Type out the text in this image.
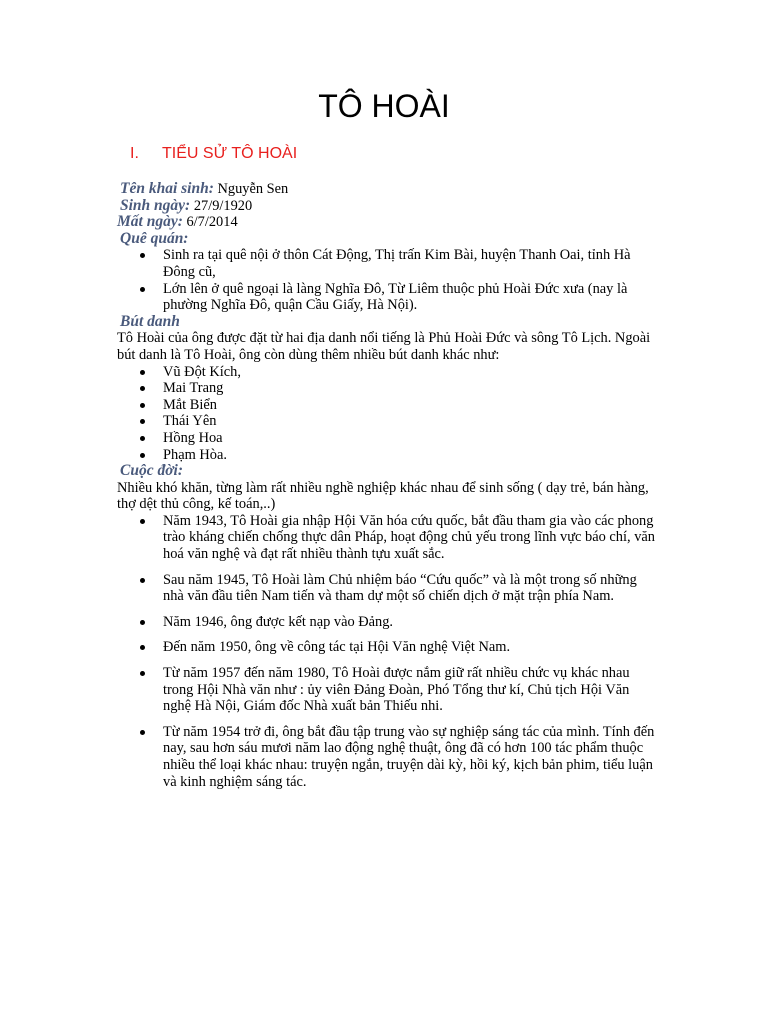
TÔ HOÀI
I. TIỂU SỬ TÔ HOÀI

Tên khai sinh: Nguyễn Sen

Sinh ngày: 27/9/1920

Mất ngày: 6/7/2014

Quê quán:

Sinh ra tại quê nội ở thôn Cát Động, Thị trấn Kim Bài, huyện Thanh Oai, tỉnh Hà Đông cũ,
Lớn lên ở quê ngoại là làng Nghĩa Đô, Từ Liêm thuộc phủ Hoài Đức xưa (nay là phường Nghĩa Đô, quận Cầu Giấy, Hà Nội).

Bút danh

Tô Hoài của ông được đặt từ hai địa danh nổi tiếng là Phủ Hoài Đức và sông Tô Lịch. Ngoài bút danh là Tô Hoài, ông còn dùng thêm nhiều bút danh khác như:

Vũ Đột Kích,
Mai Trang
Mắt Biển
Thái Yên
Hồng Hoa
Phạm Hòa.

Cuộc đời:

Nhiều khó khăn, từng làm rất nhiều nghề nghiệp khác nhau để sinh sống ( dạy trẻ, bán hàng, thợ dệt thủ công, kế toán,..)

Năm 1943, Tô Hoài gia nhập Hội Văn hóa cứu quốc, bắt đầu tham gia vào các phong trào kháng chiến chống thực dân Pháp, hoạt động chủ yếu trong lĩnh vực báo chí, văn hoá văn nghệ và đạt rất nhiều thành tựu xuất sắc.
Sau năm 1945, Tô Hoài làm Chủ nhiệm báo “Cứu quốc” và là một trong số những nhà văn đầu tiên Nam tiến và tham dự một số chiến dịch ở mặt trận phía Nam.
Năm 1946, ông được kết nạp vào Đảng.
Đến năm 1950, ông về công tác tại Hội Văn nghệ Việt Nam.
Từ năm 1957 đến năm 1980, Tô Hoài được nắm giữ rất nhiều chức vụ khác nhau trong Hội Nhà văn như : ủy viên Đảng Đoàn, Phó Tổng thư kí, Chủ tịch Hội Văn nghệ Hà Nội, Giám đốc Nhà xuất bản Thiếu nhi.
Từ năm 1954 trở đi, ông bắt đầu tập trung vào sự nghiệp sáng tác của mình. Tính đến nay, sau hơn sáu mươi năm lao động nghệ thuật, ông đã có hơn 100 tác phẩm thuộc nhiều thể loại khác nhau: truyện ngắn, truyện dài kỳ, hồi ký, kịch bản phim, tiểu luận và kinh nghiệm sáng tác.
